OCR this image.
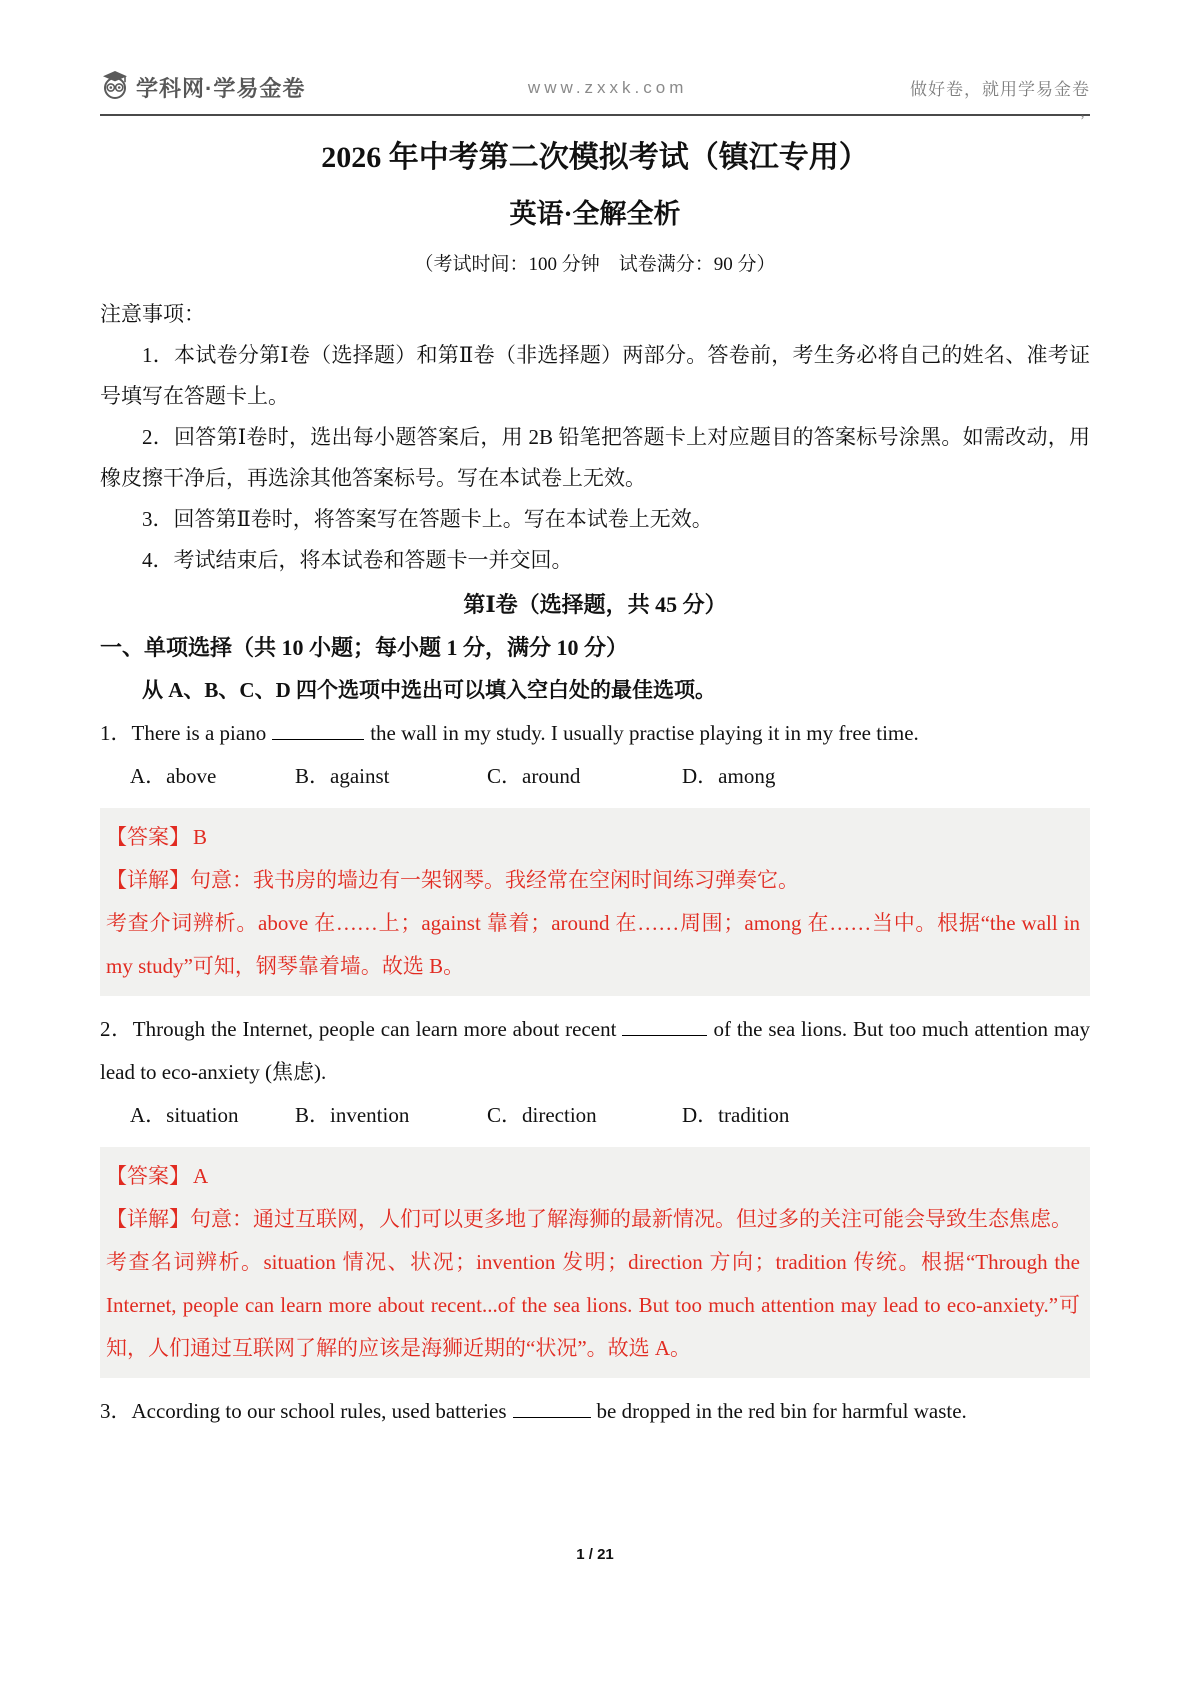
学科网·学易金卷	www.zxxk.com	做好卷，就用学易金卷
’
2026 年中考第二次模拟考试（镇江专用）
英语·全解全析

（考试时间：100 分钟　试卷满分：90 分）

注意事项：

1．本试卷分第Ⅰ卷（选择题）和第Ⅱ卷（非选择题）两部分。答卷前，考生务必将自己的姓名、准考证号填写在答题卡上。

2．回答第Ⅰ卷时，选出每小题答案后，用 2B 铅笔把答题卡上对应题目的答案标号涂黑。如需改动，用橡皮擦干净后，再选涂其他答案标号。写在本试卷上无效。

3．回答第Ⅱ卷时，将答案写在答题卡上。写在本试卷上无效。

4．考试结束后，将本试卷和答题卡一并交回。

第Ⅰ卷（选择题，共 45 分）

一、单项选择（共 10 小题；每小题 1 分，满分 10 分）

从 A、B、C、D 四个选项中选出可以填入空白处的最佳选项。

1．There is a piano	the wall in my study. I usually practise playing it in my free time.

A．above	B．against	C．around	D．among

【答案】 B

【详解】句意：我书房的墙边有一架钢琴。我经常在空闲时间练习弹奏它。

考查介词辨析。above 在……上；against 靠着；around 在……周围；among 在……当中。根据“the wall in my study”可知，钢琴靠着墙。故选 B。

2．Through the Internet, people can learn more about recent	of the sea lions. But too much attention may lead to eco-anxiety (焦虑).

A．situation	B．invention	C．direction	D．tradition

【答案】 A

【详解】句意：通过互联网，人们可以更多地了解海狮的最新情况。但过多的关注可能会导致生态焦虑。

考查名词辨析。situation 情况、状况；invention 发明；direction 方向；tradition 传统。根据“Through the Internet, people can learn more about recent...of the sea lions. But too much attention may lead to eco-anxiety.”可知，人们通过互联网了解的应该是海狮近期的“状况”。故选 A。

3．According to our school rules, used batteries	be dropped in the red bin for harmful waste.

1 / 21
